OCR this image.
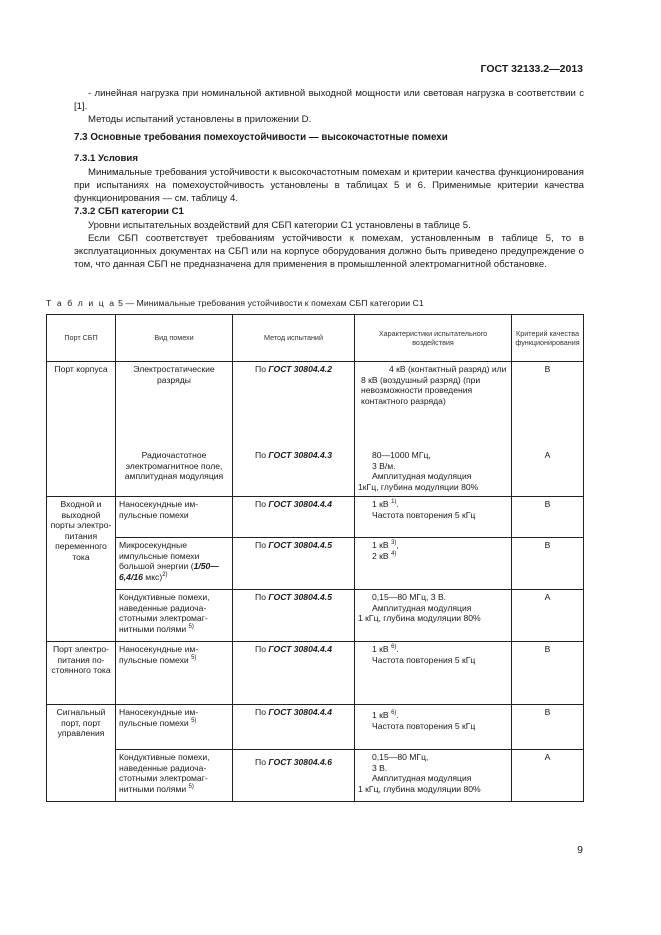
ГОСТ 32133.2—2013
- линейная нагрузка при номинальной активной выходной мощности или световая нагрузка в соответствии с [1].
Методы испытаний установлены в приложении D.
7.3 Основные требования помехоустойчивости — высокочастотные помехи
7.3.1 Условия
Минимальные требования устойчивости к высокочастотным помехам и критерии качества функционирования при испытаниях на помехоустойчивость установлены в таблицах 5 и 6. Применимые критерии качества функционирования — см. таблицу 4.
7.3.2 СБП категории С1
Уровни испытательных воздействий для СБП категории С1 установлены в таблице 5.
Если СБП соответствует требованиям устойчивости к помехам, установленным в таблице 5, то в эксплуатационных документах на СБП или на корпусе оборудования должно быть приведено предупреждение о том, что данная СБП не предназначена для применения в промышленной электромагнитной обстановке.
Т а б л и ц а 5 — Минимальные требования устойчивости к помехам СБП категории С1
Порт СБП	Вид помехи	Метод испытаний	Характеристики испытательного воздействия	Критерий качества функционирования
Порт корпуса	Электростатические разряды	По ГОСТ 30804.4.2	4 кВ (контактный разряд) или 8 кВ (воздушный разряд) (при невозможности проведения контактного разряда)	В
	Радиочастотное электромагнитное поле, амплитудная модуляция	По ГОСТ 30804.4.3	80—1000 МГц,
3 В/м.
Амплитудная модуляция
1кГц, глубина модуляции 80%	А
Входной и выходной порты электропитания переменного тока	Наносекундные импульсные помехи	По ГОСТ 30804.4.4	1 кВ $^{1)}$.
Частота повторения 5 кГц	В
	Микросекундные импульсные помехи большой энергии (1/50—6,4/16 мкс)$^{2)}$	По ГОСТ 30804.4.5	1 кВ $^{3)}$,
2 кВ $^{4)}$	В
	Кондуктивные помехи, наведенные радиочастотными электромагнитными полями $^{5)}$	По ГОСТ 30804.4.5	0,15—80 МГц, 3 В.
Амплитудная модуляция
1 кГц, глубина модуляции 80%	А
Порт электропитания постоянного тока	Наносекундные импульсные помехи $^{5)}$	По ГОСТ 30804.4.4	1 кВ $^{6)}$.
Частота повторения 5 кГц	В
Сигнальный порт, порт управления	Наносекундные импульсные помехи $^{5)}$	По ГОСТ 30804.4.4	1 кВ $^{6)}$.
Частота повторения 5 кГц	В
	Кондуктивные помехи, наведенные радиочастотными электромагнитными полями $^{5)}$	По ГОСТ 30804.4.6	0,15—80 МГц,
3 В.
Амплитудная модуляция
1 кГц, глубина модуляции 80%	А
9
